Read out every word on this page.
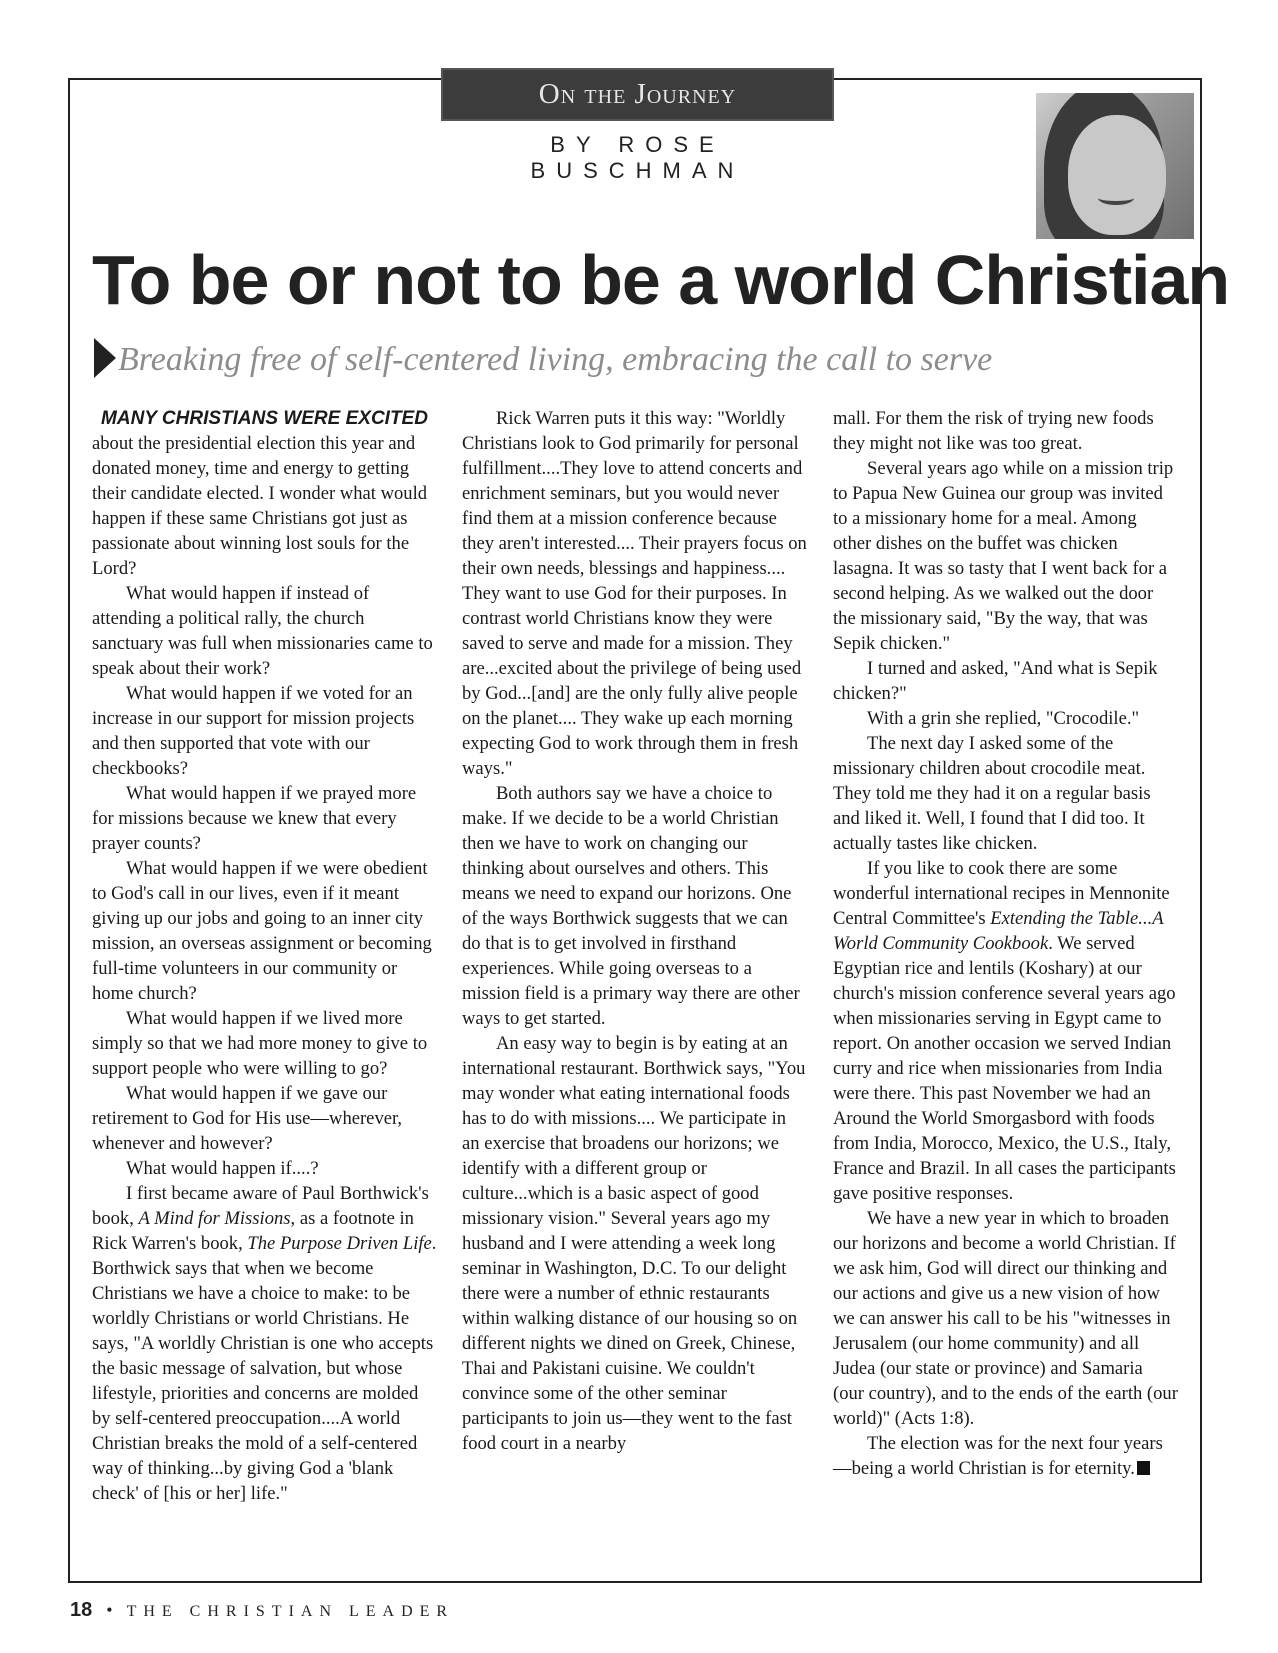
On the Journey
BY ROSE BUSCHMAN
To be or not to be a world Christian
Breaking free of self-centered living, embracing the call to serve
MANY CHRISTIANS WERE EXCITED

about the presidential election this year and donated money, time and energy to getting their candidate elected. I wonder what would happen if these same Christians got just as passionate about winning lost souls for the Lord?

What would happen if instead of attending a political rally, the church sanctuary was full when missionaries came to speak about their work?

What would happen if we voted for an increase in our support for mission projects and then supported that vote with our checkbooks?

What would happen if we prayed more for missions because we knew that every prayer counts?

What would happen if we were obedient to God's call in our lives, even if it meant giving up our jobs and going to an inner city mission, an overseas assignment or becoming full-time volunteers in our community or home church?

What would happen if we lived more simply so that we had more money to give to support people who were willing to go?

What would happen if we gave our retirement to God for His use—wherever, whenever and however?

What would happen if....?

I first became aware of Paul Borthwick's book, A Mind for Missions, as a footnote in Rick Warren's book, The Purpose Driven Life. Borthwick says that when we become Christians we have a choice to make: to be worldly Christians or world Christians. He says, "A worldly Christian is one who accepts the basic message of salvation, but whose lifestyle, priorities and concerns are molded by self-centered preoccupation....A world Christian breaks the mold of a self-centered way of thinking...by giving God a 'blank check' of [his or her] life."

Rick Warren puts it this way: "Worldly Christians look to God primarily for personal fulfillment....They love to attend concerts and enrichment seminars, but you would never find them at a mission conference because they aren't interested.... Their prayers focus on their own needs, blessings and happiness.... They want to use God for their purposes. In contrast world Christians know they were saved to serve and made for a mission. They are...excited about the privilege of being used by God...[and] are the only fully alive people on the planet.... They wake up each morning expecting God to work through them in fresh ways."

Both authors say we have a choice to make. If we decide to be a world Christian then we have to work on changing our thinking about ourselves and others. This means we need to expand our horizons. One of the ways Borthwick suggests that we can do that is to get involved in firsthand experiences. While going overseas to a mission field is a primary way there are other ways to get started.

An easy way to begin is by eating at an international restaurant. Borthwick says, "You may wonder what eating international foods has to do with missions.... We participate in an exercise that broadens our horizons; we identify with a different group or culture...which is a basic aspect of good missionary vision." Several years ago my husband and I were attending a week long seminar in Washington, D.C. To our delight there were a number of ethnic restaurants within walking distance of our housing so on different nights we dined on Greek, Chinese, Thai and Pakistani cuisine. We couldn't convince some of the other seminar participants to join us—they went to the fast food court in a nearby

mall. For them the risk of trying new foods they might not like was too great.

Several years ago while on a mission trip to Papua New Guinea our group was invited to a missionary home for a meal. Among other dishes on the buffet was chicken lasagna. It was so tasty that I went back for a second helping. As we walked out the door the missionary said, "By the way, that was Sepik chicken."

I turned and asked, "And what is Sepik chicken?"

With a grin she replied, "Crocodile."

The next day I asked some of the missionary children about crocodile meat. They told me they had it on a regular basis and liked it. Well, I found that I did too. It actually tastes like chicken.

If you like to cook there are some wonderful international recipes in Mennonite Central Committee's Extending the Table...A World Community Cookbook. We served Egyptian rice and lentils (Koshary) at our church's mission conference several years ago when missionaries serving in Egypt came to report. On another occasion we served Indian curry and rice when missionaries from India were there. This past November we had an Around the World Smorgasbord with foods from India, Morocco, Mexico, the U.S., Italy, France and Brazil. In all cases the participants gave positive responses.

We have a new year in which to broaden our horizons and become a world Christian. If we ask him, God will direct our thinking and our actions and give us a new vision of how we can answer his call to be his "witnesses in Jerusalem (our home community) and all Judea (our state or province) and Samaria (our country), and to the ends of the earth (our world)" (Acts 1:8).

The election was for the next four years—being a world Christian is for eternity.

18 • THE CHRISTIAN LEADER
